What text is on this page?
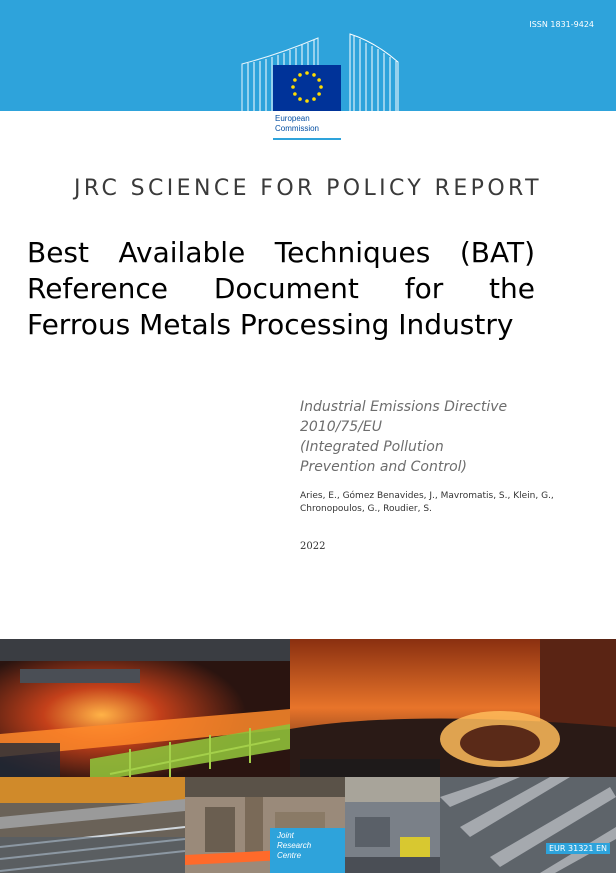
ISSN 1831-9424
European
Commission
JRC SCIENCE FOR POLICY REPORT
Best Available Techniques (BAT) Reference Document for the Ferrous Metals Processing Industry
Industrial Emissions Directive
2010/75/EU
(Integrated Pollution
Prevention and Control)
Aries, E., Gómez Benavides, J., Mavromatis, S., Klein, G.,
Chronopoulos, G., Roudier, S.
2022
Joint
Research
Centre
EUR 31321 EN
